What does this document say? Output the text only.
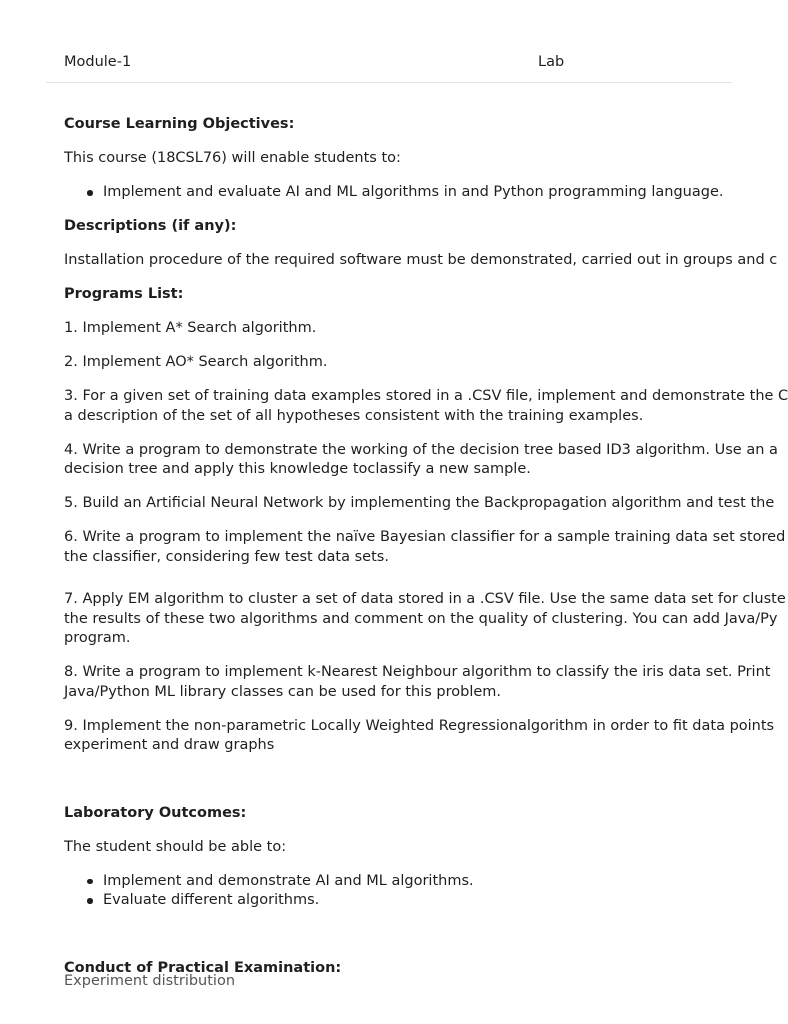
Module-1	Lab

Course Learning Objectives:

This course (18CSL76) will enable students to:

Implement and evaluate AI and ML algorithms in and Python programming language.

Descriptions (if any):

Installation procedure of the required software must be demonstrated, carried out in groups and c

Programs List:

1. Implement A* Search algorithm.
2. Implement AO* Search algorithm.
3. For a given set of training data examples stored in a .CSV file, implement and demonstrate the C
a description of the set of all hypotheses consistent with the training examples.
4. Write a program to demonstrate the working of the decision tree based ID3 algorithm. Use an a
decision tree and apply this knowledge toclassify a new sample.
5. Build an Artificial Neural Network by implementing the Backpropagation algorithm and test the
6. Write a program to implement the naïve Bayesian classifier for a sample training data set stored
the classifier, considering few test data sets.
7. Apply EM algorithm to cluster a set of data stored in a .CSV file. Use the same data set for cluste
the results of these two algorithms and comment on the quality of clustering. You can add Java/Py
program.
8. Write a program to implement k-Nearest Neighbour algorithm to classify the iris data set. Print
Java/Python ML library classes can be used for this problem.
9. Implement the non-parametric Locally Weighted Regressionalgorithm in order to fit data points
experiment and draw graphs

Laboratory Outcomes:

The student should be able to:

Implement and demonstrate AI and ML algorithms.
Evaluate different algorithms.

Conduct of Practical Examination:

Experiment distribution
